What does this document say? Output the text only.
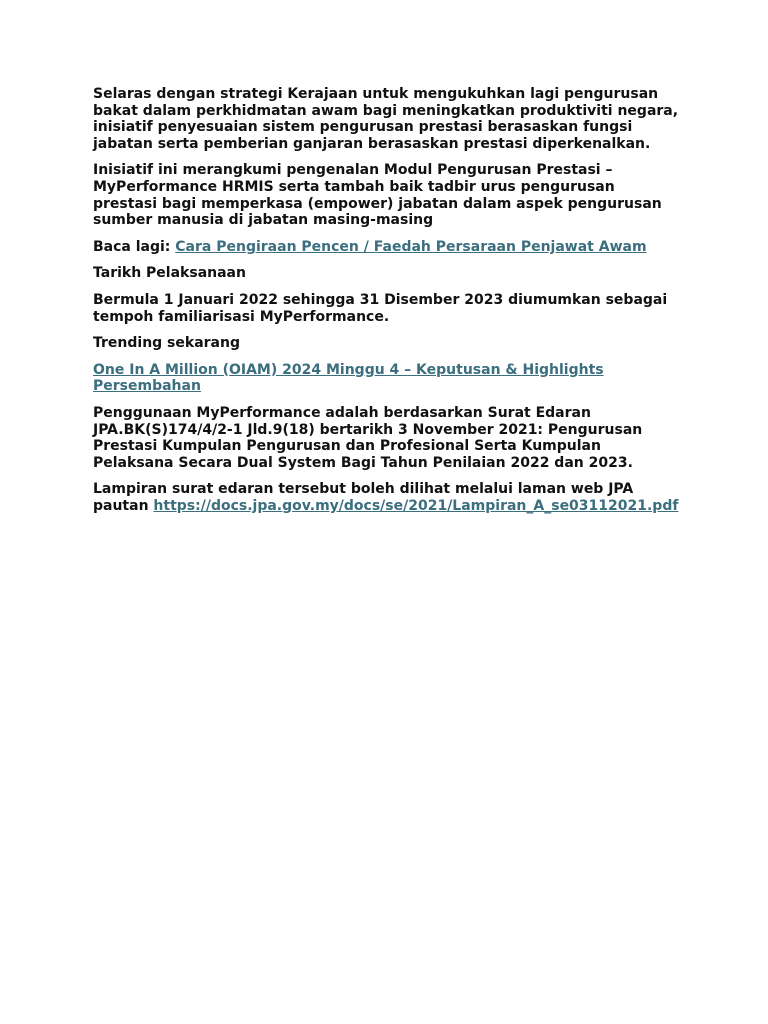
Selaras dengan strategi Kerajaan untuk mengukuhkan lagi pengurusan bakat dalam perkhidmatan awam bagi meningkatkan produktiviti negara, inisiatif penyesuaian sistem pengurusan prestasi berasaskan fungsi jabatan serta pemberian ganjaran berasaskan prestasi diperkenalkan.

Inisiatif ini merangkumi pengenalan Modul Pengurusan Prestasi – MyPerformance HRMIS serta tambah baik tadbir urus pengurusan prestasi bagi memperkasa (empower) jabatan dalam aspek pengurusan sumber manusia di jabatan masing-masing

Baca lagi: Cara Pengiraan Pencen / Faedah Persaraan Penjawat Awam

Tarikh Pelaksanaan

Bermula 1 Januari 2022 sehingga 31 Disember 2023 diumumkan sebagai tempoh familiarisasi MyPerformance.

Trending sekarang

One In A Million (OIAM) 2024 Minggu 4 – Keputusan & Highlights Persembahan

Penggunaan MyPerformance adalah berdasarkan Surat Edaran JPA.BK(S)174/4/2-1 Jld.9(18) bertarikh 3 November 2021: Pengurusan Prestasi Kumpulan Pengurusan dan Profesional Serta Kumpulan Pelaksana Secara Dual System Bagi Tahun Penilaian 2022 dan 2023.

Lampiran surat edaran tersebut boleh dilihat melalui laman web JPA pautan https://docs.jpa.gov.my/docs/se/2021/Lampiran_A_se03112021.pdf
